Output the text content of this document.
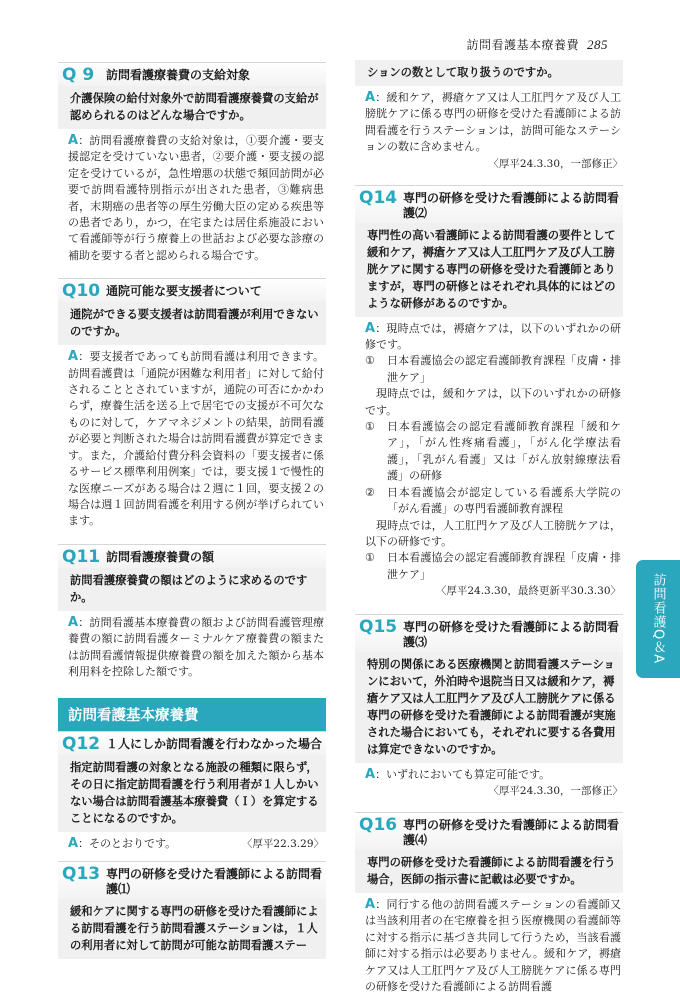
訪問看護基本療養費 285
Q 9 訪問看護療養費の支給対象
介護保険の給付対象外で訪問看護療養費の支給が認められるのはどんな場合ですか。
A：訪問看護療養費の支給対象は，①要介護・要支援認定を受けていない患者，②要介護・要支援の認定を受けているが，急性増悪の状態で頻回訪問が必要で訪問看護特別指示が出された患者，③難病患者，末期癌の患者等の厚生労働大臣の定める疾患等の患者であり，かつ，在宅または居住系施設において看護師等が行う療養上の世話および必要な診療の補助を要する者と認められる場合です。
Q10 通院可能な要支援者について
通院ができる要支援者は訪問看護が利用できないのですか。
A：要支援者であっても訪問看護は利用できます。訪問看護費は「通院が困難な利用者」に対して給付されることとされていますが，通院の可否にかかわらず，療養生活を送る上で居宅での支援が不可欠なものに対して，ケアマネジメントの結果，訪問看護が必要と判断された場合は訪問看護費が算定できます。また，介護給付費分科会資料の「要支援者に係るサービス標準利用例案」では，要支援１で慢性的な医療ニーズがある場合は２週に１回，要支援２の場合は週１回訪問看護を利用する例が挙げられています。
Q11 訪問看護療養費の額
訪問看護療養費の額はどのように求めるのですか。
A：訪問看護基本療養費の額および訪問看護管理療養費の額に訪問看護ターミナルケア療養費の額または訪問看護情報提供療養費の額を加えた額から基本利用料を控除した額です。
訪問看護基本療養費
Q12 １人にしか訪問看護を行わなかった場合
指定訪問看護の対象となる施設の種類に限らず，その日に指定訪問看護を行う利用者が１人しかいない場合は訪問看護基本療養費（Ｉ）を算定することになるのですか。
A：そのとおりです。	〈厚平22.3.29〉
Q13 専門の研修を受けた看護師による訪問看護⑴
緩和ケアに関する専門の研修を受けた看護師による訪問看護を行う訪問看護ステーションは，１人の利用者に対して訪問が可能な訪問看護ステー
ションの数として取り扱うのですか。
A：緩和ケア，褥瘡ケア又は人工肛門ケア及び人工膀胱ケアに係る専門の研修を受けた看護師による訪問看護を行うステーションは，訪問可能なステーションの数に含めません。
〈厚平24.3.30，一部修正〉
Q14 専門の研修を受けた看護師による訪問看護⑵
専門性の高い看護師による訪問看護の要件として緩和ケア，褥瘡ケア又は人工肛門ケア及び人工膀胱ケアに関する専門の研修を受けた看護師とありますが，専門の研修とはそれぞれ具体的にはどのような研修があるのですか。
A：現時点では，褥瘡ケアは，以下のいずれかの研修です。
①	日本看護協会の認定看護師教育課程「皮膚・排泄ケア」
現時点では，緩和ケアは，以下のいずれかの研修です。
①	日本看護協会の認定看護師教育課程「緩和ケア」，「がん性疼痛看護」，「がん化学療法看護」，「乳がん看護」又は「がん放射線療法看護」の研修
②	日本看護協会が認定している看護系大学院の「がん看護」の専門看護師教育課程
現時点では，人工肛門ケア及び人工膀胱ケアは，以下の研修です。
①	日本看護協会の認定看護師教育課程「皮膚・排泄ケア」
〈厚平24.3.30，最終更新平30.3.30〉
Q15 専門の研修を受けた看護師による訪問看護⑶
特別の関係にある医療機関と訪問看護ステーションにおいて，外泊時や退院当日又は緩和ケア，褥瘡ケア又は人工肛門ケア及び人工膀胱ケアに係る専門の研修を受けた看護師による訪問看護が実施された場合においても，それぞれに要する各費用は算定できないのですか。
A：いずれにおいても算定可能です。
〈厚平24.3.30，一部修正〉
Q16 専門の研修を受けた看護師による訪問看護⑷
専門の研修を受けた看護師による訪問看護を行う場合，医師の指示書に記載は必要ですか。
A：同行する他の訪問看護ステーションの看護師又は当該利用者の在宅療養を担う医療機関の看護師等に対する指示に基づき共同して行うため，当該看護師に対する指示は必要ありません。緩和ケア，褥瘡ケア又は人工肛門ケア及び人工膀胱ケアに係る専門の研修を受けた看護師による訪問看護
訪問看護Q＆A
